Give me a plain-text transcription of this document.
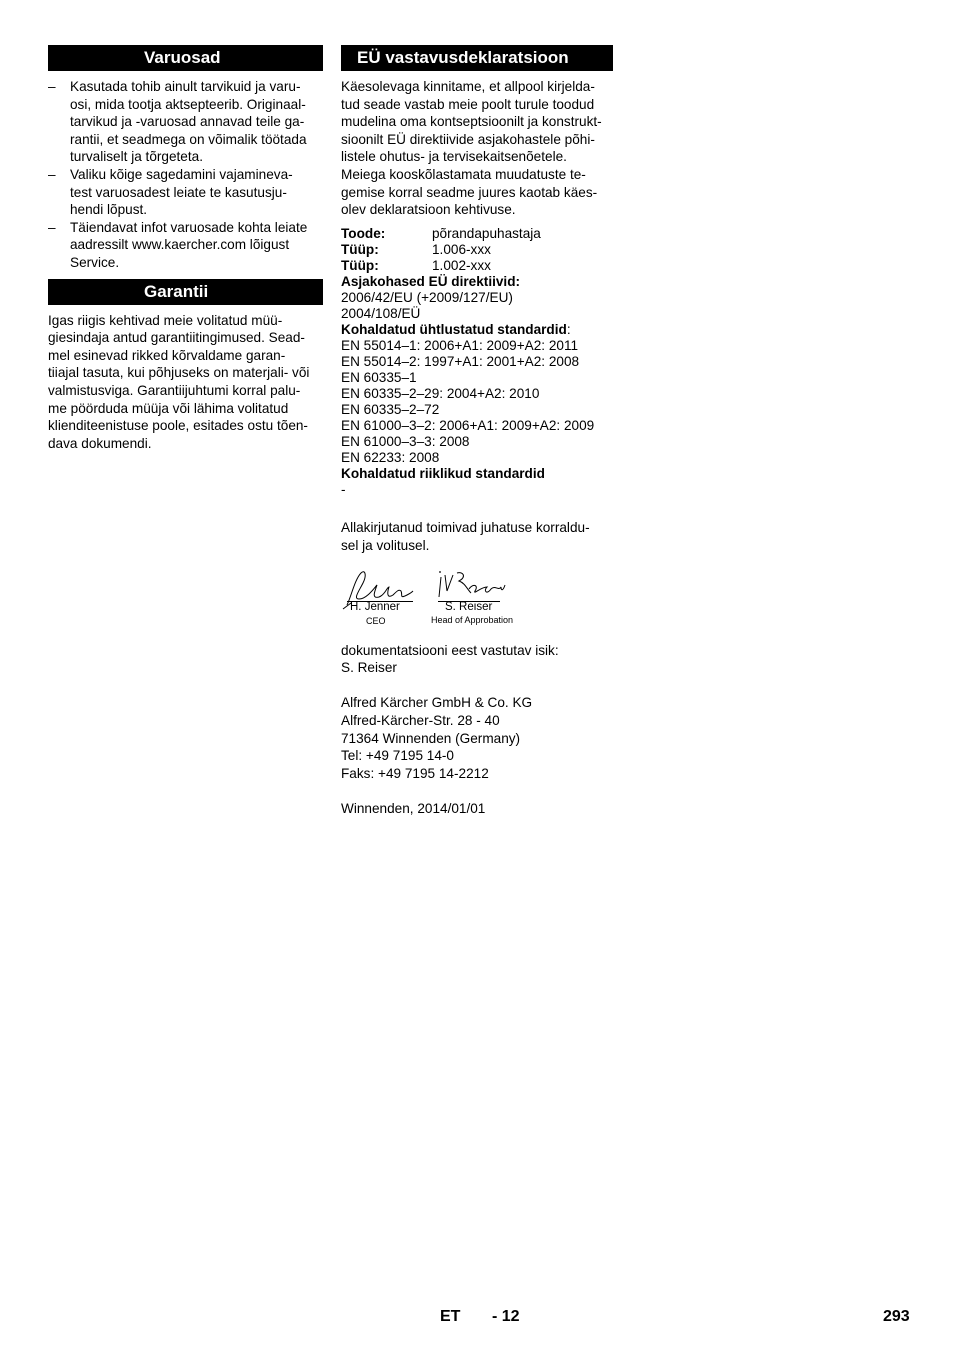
Varuosad
– Kasutada tohib ainult tarvikuid ja varu-
osi, mida tootja aktsepteerib. Originaal-
tarvikud ja -varuosad annavad teile ga-
rantii, et seadmega on võimalik töötada
turvaliselt ja tõrgeteta.
– Valiku kõige sagedamini vajamineva-
test varuosadest leiate te kasutusju-
hendi lõpust.
– Täiendavat infot varuosade kohta leiate
aadressilt www.kaercher.com lõigust
Service.
Garantii

Igas riigis kehtivad meie volitatud müü-
giesindaja antud garantiitingimused. Sead-
mel esinevad rikked kõrvaldame garan-
tiiajal tasuta, kui põhjuseks on materjali- või
valmistusviga. Garantiijuhtumi korral palu-
me pöörduda müüja või lähima volitatud
klienditeenistuse poole, esitades ostu tõen-
dava dokumendi.

EÜ vastavusdeklaratsioon

Käesolevaga kinnitame, et allpool kirjelda-
tud seade vastab meie poolt turule toodud
mudelina oma kontseptsioonilt ja konstrukt-
sioonilt EÜ direktiivide asjakohastele põhi-
listele ohutus- ja tervisekaitsenõetele.
Meiega kooskõlastamata muudatuste te-
gemise korral seadme juures kaotab käes-
olev deklaratsioon kehtivuse.

Toode:	põrandapuhastaja
Tüüp:	1.006-xxx
Tüüp:	1.002-xxx
Asjakohased EÜ direktiivid:
2006/42/EU (+2009/127/EU)
2004/108/EÜ
Kohaldatud ühtlustatud standardid:
EN 55014–1: 2006+A1: 2009+A2: 2011
EN 55014–2: 1997+A1: 2001+A2: 2008
EN 60335–1
EN 60335–2–29: 2004+A2: 2010
EN 60335–2–72
EN 61000–3–2: 2006+A1: 2009+A2: 2009
EN 61000–3–3: 2008
EN 62233: 2008
Kohaldatud riiklikud standardid
-

Allakirjutanud toimivad juhatuse korraldu-
sel ja volitusel.

H. Jenner
CEO
S. Reiser
Head of Approbation

dokumentatsiooni eest vastutav isik:
S. Reiser

Alfred Kärcher GmbH & Co. KG
Alfred-Kärcher-Str. 28 - 40
71364 Winnenden (Germany)
Tel: +49 7195 14-0
Faks: +49 7195 14-2212

Winnenden, 2014/01/01

ET - 12	293
